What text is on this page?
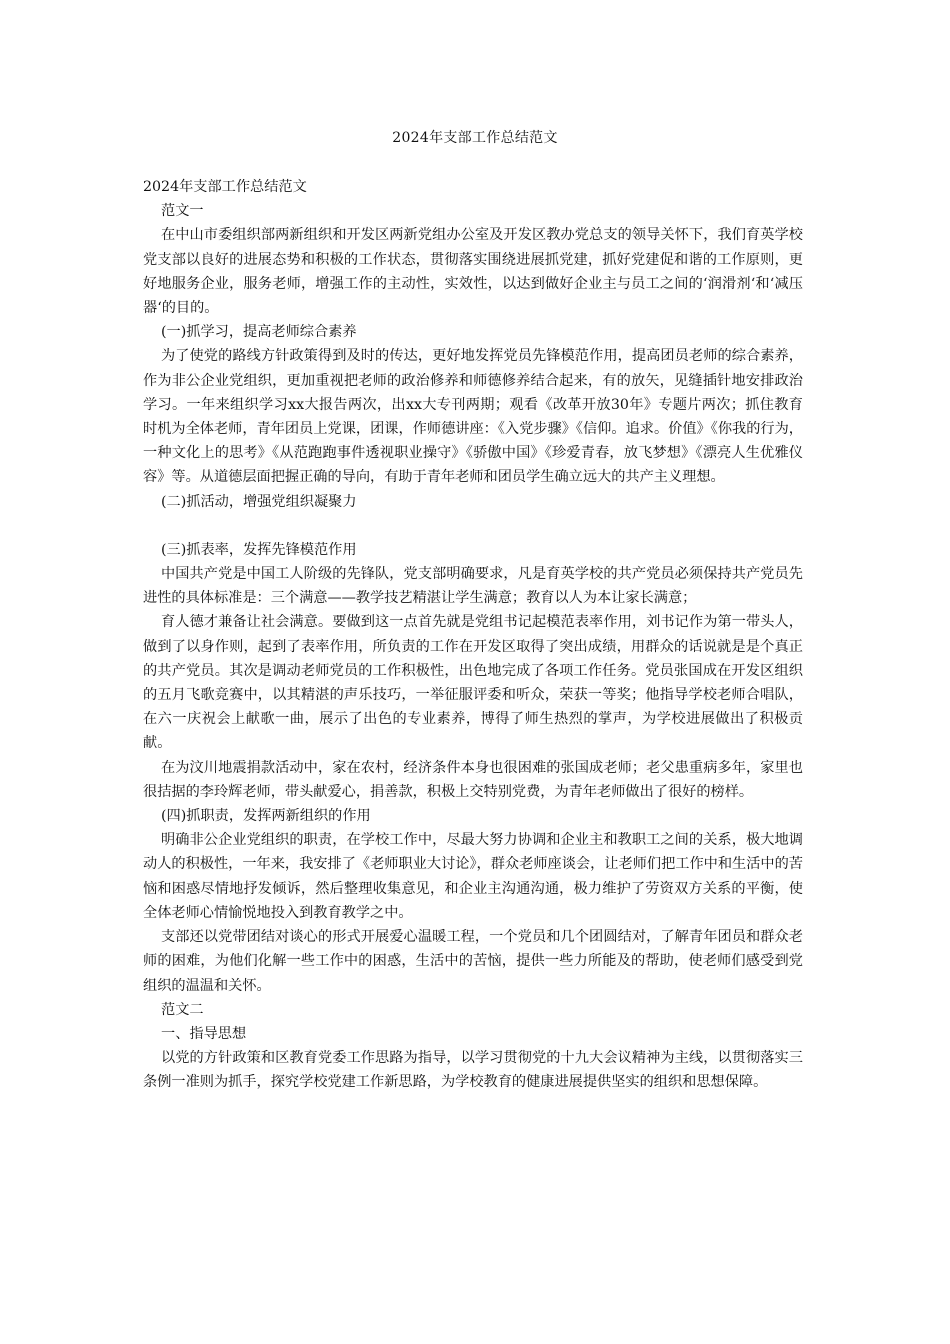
2024年支部工作总结范文

2024年支部工作总结范文

范文一

在中山市委组织部两新组织和开发区两新党组办公室及开发区教办党总支的领导关怀下，我们育英学校党支部以良好的进展态势和积极的工作状态，贯彻落实围绕进展抓党建，抓好党建促和谐的工作原则，更好地服务企业，服务老师，增强工作的主动性，实效性，以达到做好企业主与员工之间的‘润滑剂‘和‘减压器‘的目的。

(一)抓学习，提高老师综合素养

为了使党的路线方针政策得到及时的传达，更好地发挥党员先锋模范作用，提高团员老师的综合素养，作为非公企业党组织，更加重视把老师的政治修养和师德修养结合起来，有的放矢，见缝插针地安排政治学习。一年来组织学习xx大报告两次，出xx大专刊两期；观看《改革开放30年》专题片两次；抓住教育时机为全体老师，青年团员上党课，团课，作师德讲座：《入党步骤》《信仰。追求。价值》《你我的行为，一种文化上的思考》《从范跑跑事件透视职业操守》《骄傲中国》《珍爱青春，放飞梦想》《漂亮人生优雅仪容》等。从道德层面把握正确的导向，有助于青年老师和团员学生确立远大的共产主义理想。

(二)抓活动，增强党组织凝聚力

(三)抓表率，发挥先锋模范作用

中国共产党是中国工人阶级的先锋队，党支部明确要求，凡是育英学校的共产党员必须保持共产党员先进性的具体标准是：三个满意——教学技艺精湛让学生满意；教育以人为本让家长满意；

育人德才兼备让社会满意。要做到这一点首先就是党组书记起模范表率作用，刘书记作为第一带头人，做到了以身作则，起到了表率作用，所负责的工作在开发区取得了突出成绩，用群众的话说就是是个真正的共产党员。其次是调动老师党员的工作积极性，出色地完成了各项工作任务。党员张国成在开发区组织的五月飞歌竞赛中，以其精湛的声乐技巧，一举征服评委和听众，荣获一等奖；他指导学校老师合唱队，在六一庆祝会上献歌一曲，展示了出色的专业素养，博得了师生热烈的掌声，为学校进展做出了积极贡献。

在为汶川地震捐款活动中，家在农村，经济条件本身也很困难的张国成老师；老父患重病多年，家里也很拮据的李玲辉老师，带头献爱心，捐善款，积极上交特别党费，为青年老师做出了很好的榜样。

(四)抓职责，发挥两新组织的作用

明确非公企业党组织的职责，在学校工作中，尽最大努力协调和企业主和教职工之间的关系，极大地调动人的积极性，一年来，我安排了《老师职业大讨论》，群众老师座谈会，让老师们把工作中和生活中的苦恼和困惑尽情地抒发倾诉，然后整理收集意见，和企业主沟通沟通，极力维护了劳资双方关系的平衡，使全体老师心情愉悦地投入到教育教学之中。

支部还以党带团结对谈心的形式开展爱心温暖工程，一个党员和几个团圆结对，了解青年团员和群众老师的困难，为他们化解一些工作中的困惑，生活中的苦恼，提供一些力所能及的帮助，使老师们感受到党组织的温温和关怀。

范文二

一、指导思想

以党的方针政策和区教育党委工作思路为指导，以学习贯彻党的十九大会议精神为主线，以贯彻落实三条例一准则为抓手，探究学校党建工作新思路，为学校教育的健康进展提供坚实的组织和思想保障。
